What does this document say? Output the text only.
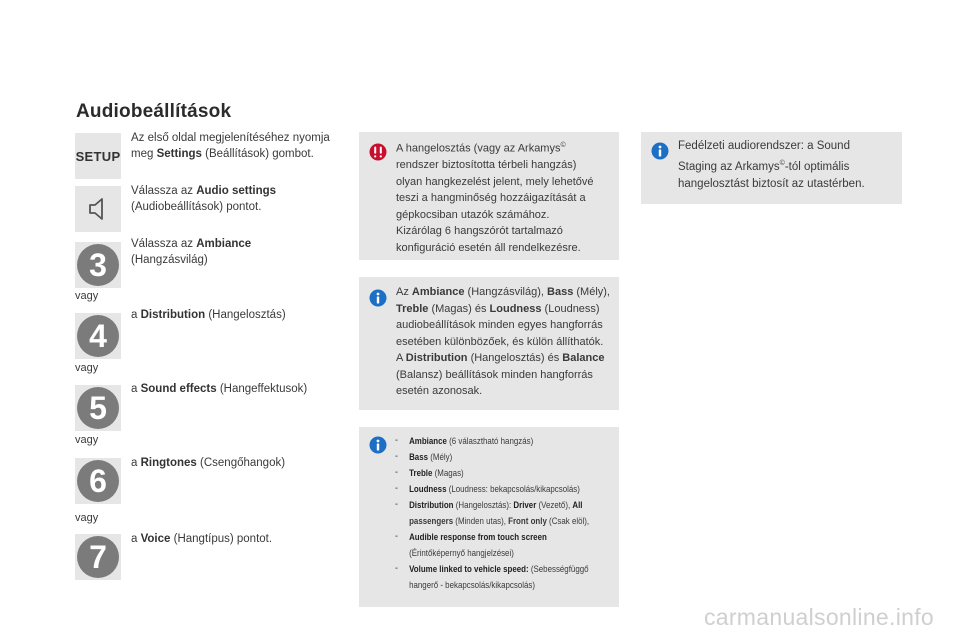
Audiobeállítások
SETUP
Az első oldal megjelenítéséhez nyomja meg Settings (Beállítások) gombot.
Válassza az Audio settings
(Audiobeállítások) pontot.
3
Válassza az Ambiance
(Hangzásvilág)
vagy
4
a Distribution (Hangelosztás)
vagy
5
a Sound effects (Hangeffektusok)
vagy
6	a Ringtones (Csengőhangok)
vagy
7	a Voice (Hangtípus) pontot.
A hangelosztás (vagy az Arkamys©
rendszer biztosította térbeli hangzás)
olyan hangkezelést jelent, mely lehetővé
teszi a hangminőség hozzáigazítását a
gépkocsiban utazók számához.
Kizárólag 6 hangszórót tartalmazó
konfiguráció esetén áll rendelkezésre.
Az Ambiance (Hangzásvilág), Bass (Mély),
Treble (Magas) és Loudness (Loudness)
audiobeállítások minden egyes hangforrás
esetében különbözőek, és külön állíthatók.
A Distribution (Hangelosztás) és Balance
(Balansz) beállítások minden hangforrás
esetén azonosak.
-	Ambiance (6 választható hangzás)
-	Bass (Mély)
-	Treble (Magas)
-	Loudness (Loudness: bekapcsolás/kikapcsolás)
-	Distribution (Hangelosztás): Driver (Vezető), All
passengers (Minden utas), Front only (Csak elöl),
-	Audible response from touch screen
(Érintőképernyő hangjelzései)
-	Volume linked to vehicle speed: (Sebességfüggő
hangerő - bekapcsolás/kikapcsolás)
Fedélzeti audiorendszer: a Sound
Staging az Arkamys©-tól optimális
hangelosztást biztosít az utastérben.
carmanualsonline.info
